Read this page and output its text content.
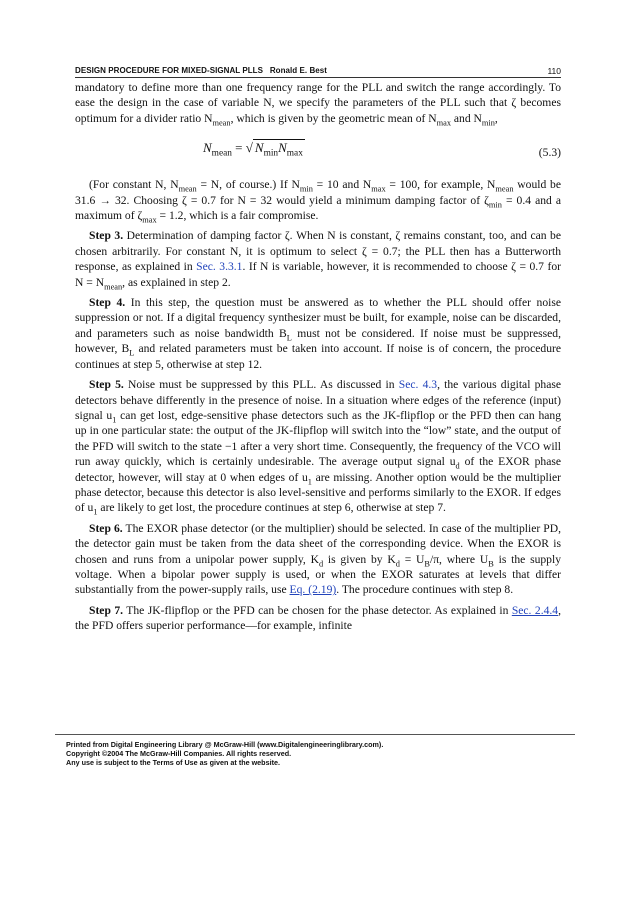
DESIGN PROCEDURE FOR MIXED-SIGNAL PLLS Ronald E. Best	110

mandatory to define more than one frequency range for the PLL and switch the range accordingly. To ease the design in the case of variable N, we specify the parameters of the PLL such that ζ becomes optimum for a divider ratio $N_{mean}$, which is given by the geometric mean of $N_{max}$ and $N_{min}$,

$N_{mean}$ = √ $N_{min}N_{max}$	(5.3)

(For constant N, $N_{mean} = N$, of course.) If $N_{min} = 10$ and $N_{max} = 100$, for example, $N_{mean}$ would be 31.6 → 32. Choosing ζ = 0.7 for N = 32 would yield a minimum damping factor of $\zeta_{min} = 0.4$ and a maximum of $\zeta_{max} = 1.2$, which is a fair compromise.

Step 3. Determination of damping factor ζ. When N is constant, ζ remains constant, too, and can be chosen arbitrarily. For constant N, it is optimum to select ζ = 0.7; the PLL then has a Butterworth response, as explained in Sec. 3.3.1. If N is variable, however, it is recommended to choose ζ = 0.7 for $N = N_{mean}$, as explained in step 2.

Step 4. In this step, the question must be answered as to whether the PLL should offer noise suppression or not. If a digital frequency synthesizer must be built, for example, noise can be discarded, and parameters such as noise bandwidth $B_L$ must not be considered. If noise must be suppressed, however, $B_L$ and related parameters must be taken into account. If noise is of concern, the procedure continues at step 5, otherwise at step 12.

Step 5. Noise must be suppressed by this PLL. As discussed in Sec. 4.3, the various digital phase detectors behave differently in the presence of noise. In a situation where edges of the reference (input) signal $u_1$ can get lost, edge-sensitive phase detectors such as the JK-flipflop or the PFD then can hang up in one particular state: the output of the JK-flipflop will switch into the “low” state, and the output of the PFD will switch to the state −1 after a very short time. Consequently, the frequency of the VCO will run away quickly, which is certainly undesirable. The average output signal $u_d$ of the EXOR phase detector, however, will stay at 0 when edges of $u_1$ are missing. Another option would be the multiplier phase detector, because this detector is also level-sensitive and performs similarly to the EXOR. If edges of $u_1$ are likely to get lost, the procedure continues at step 6, otherwise at step 7.

Step 6. The EXOR phase detector (or the multiplier) should be selected. In case of the multiplier PD, the detector gain must be taken from the data sheet of the corresponding device. When the EXOR is chosen and runs from a unipolar power supply, $K_d$ is given by $K_d = U_B/\pi$, where $U_B$ is the supply voltage. When a bipolar power supply is used, or when the EXOR saturates at levels that differ substantially from the power-supply rails, use Eq. (2.19). The procedure continues with step 8.

Step 7. The JK-flipflop or the PFD can be chosen for the phase detector. As explained in Sec. 2.4.4, the PFD offers superior performance—for example, infinite

Printed from Digital Engineering Library @ McGraw-Hill (www.Digitalengineeringlibrary.com).
Copyright ©2004 The McGraw-Hill Companies. All rights reserved.
Any use is subject to the Terms of Use as given at the website.
